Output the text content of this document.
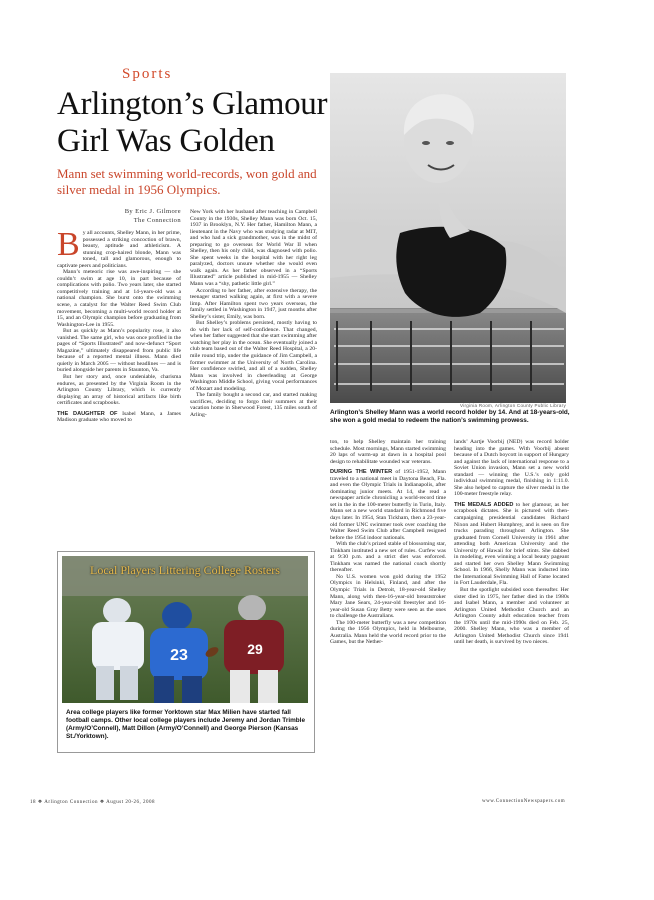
Sports
Arlington’s Glamour Girl Was Golden
Mann set swimming world-records, won gold and silver medal in 1956 Olympics.
By Eric J. Gilmore
The Connection

By all accounts, Shelley Mann, in her prime, possessed a striking concoction of brawn, beauty, aptitude and athleticism. A stunning crop-haired blonde, Mann was toned, tall and glamorous, enough to captivate peers and politicians.

Mann’s meteoric rise was awe-inspiring — she couldn’t swim at age 10, in part because of complications with polio. Two years later, she started competitively training and at 14-years-old was a national champion. She burst onto the swimming scene, a catalyst for the Walter Reed Swim Club movement, becoming a multi-world record holder at 15, and an Olympic champion before graduating from Washington-Lee in 1955.

But as quickly as Mann’s popularity rose, it also vanished. The same girl, who was once profiled in the pages of “Sports Illustrated” and now-defunct “Sport Magazine,” ultimately disappeared from public life because of a reported mental illness. Mann died quietly in March 2005 — without headlines — and is buried alongside her parents in Staunton, Va.

But her story and, once undeniable, charisma endures, as presented by the Virginia Room in the Arlington County Library, which is currently displaying an array of historical artifacts like birth certificates and scrapbooks.

THE DAUGHTER OF Isabel Mann, a James Madison graduate who moved to

New York with her husband after teaching in Campbell County in the 1930s, Shelley Mann was born Oct. 15, 1937 in Brooklyn, N.Y. Her father, Hamilton Mann, a lieutenant in the Navy who was studying radar at MIT, and who had a sick grandmother, was in the midst of preparing to go overseas for World War II when Shelley, then his only child, was diagnosed with polio. She spent weeks in the hospital with her right leg paralyzed, doctors unsure whether she would even walk again. As her father observed in a “Sports Illustrated” article published in mid-1955 — Shelley Mann was a “shy, pathetic little girl.”

According to her father, after extensive therapy, the teenager started walking again, at first with a severe limp. After Hamilton spent two years overseas, the family settled in Washington in 1947, just months after Shelley’s sister, Emily, was born.

But Shelley’s problems persisted, mostly having to do with her lack of self-confidence. That changed, when her father suggested that she start swimming after watching her play in the ocean. She eventually joined a club team based out of the Walter Reed Hospital, a 20-mile round trip, under the guidance of Jim Campbell, a former swimmer at the University of North Carolina. Her confidence swirled, and all of a sudden, Shelley Mann was involved in cheerleading at George Washington Middle School, giving vocal performances of Mozart and modeling.

The family bought a second car, and started making sacrifices, deciding to forgo their summers at their vacation home in Sherwood Forest, 135 miles south of Arling-

Virginia Room, Arlington County Public Library
Arlington’s Shelley Mann was a world record holder by 14. And at 18-years-old, she won a gold medal to redeem the nation’s swimming prowess.

ton, to help Shelley maintain her training schedule. Most mornings, Mann started swimming 20 laps of warm-up at dawn in a hospital pool design to rehabilitate wounded war veterans.

DURING THE WINTER of 1951-1952, Mann traveled to a national meet in Daytona Beach, Fla. and even the Olympic Trials in Indianapolis, after dominating junior meets. At 14, she read a newspaper article chronicling a world-record time set in the in the 100-meter butterfly in Turin, Italy. Mann set a new world standard in Richmond five days later. In 1954, Stan Tickham, then a 23-year-old former UNC swimmer took over coaching the Walter Reed Swim Club after Campbell resigned before the 1954 indoor nationals.

With the club’s prized stable of blossoming star, Tinkham instituted a new set of rules. Curfew was at 9:30 p.m. and a strict diet was enforced. Tinkham was named the national coach shortly thereafter.

No U.S. women won gold during the 1952 Olympics in Helsinki, Finland, and after the Olympic Trials in Detroit, 18-year-old Shelley Mann, along with then-16-year-old breaststroker Mary Jane Sears, 24-year-old freestyler and 16-year-old Susan Gray Betty were seen as the ones to challenge the Australians.

The 100-meter butterfly was a new competition during the 1956 Olympics, held in Melbourne, Australia. Mann held the world record prior to the Games, but the Nether-

lands’ Aartje Voorbij (NED) was record holder heading into the games. With Voorbij absent because of a Dutch boycott in support of Hungary and against the lack of international response to a Soviet Union invasion, Mann set a new world standard — winning the U.S.’s only gold individual swimming medal, finishing in 1:11.0. She also helped to capture the silver medal in the 100-meter freestyle relay.

THE MEDALS ADDED to her glamour, as her scrapbook dictates. She is pictured with then-campaigning presidential candidates Richard Nixon and Hubert Humphrey, and is seen on fire trucks parading throughout Arlington. She graduated from Cornell University in 1961 after attending both American University and the University of Hawaii for brief stints. She dabbed in modeling, even winning a local beauty pageant and started her own Shelley Mann Swimming School. In 1966, Shelly Mann was inducted into the International Swimming Hall of Fame located in Fort Lauderdale, Fla.

But the spotlight subsided soon thereafter. Her sister died in 1975, her father died in the 1980s and Isabel Mann, a member and volunteer at Arlington United Methodist Church and an Arlington County adult education teacher from the 1970s until the mid-1990s died on Feb. 25, 2000. Shelley Mann, who was a member of Arlington United Methodist Church since 1941 until her death, is survived by two nieces.

23	29
Local Players Littering College Rosters
Area college players like former Yorktown star Max Milien have started fall football camps. Other local college players include Jeremy and Jordan Trimble (Army/O’Connell), Matt Dillon (Army/O’Connell) and George Pierson (Kansas St./Yorktown).
18 ❖ Arlington Connection ❖ August 20-26, 2008	www.ConnectionNewspapers.com
